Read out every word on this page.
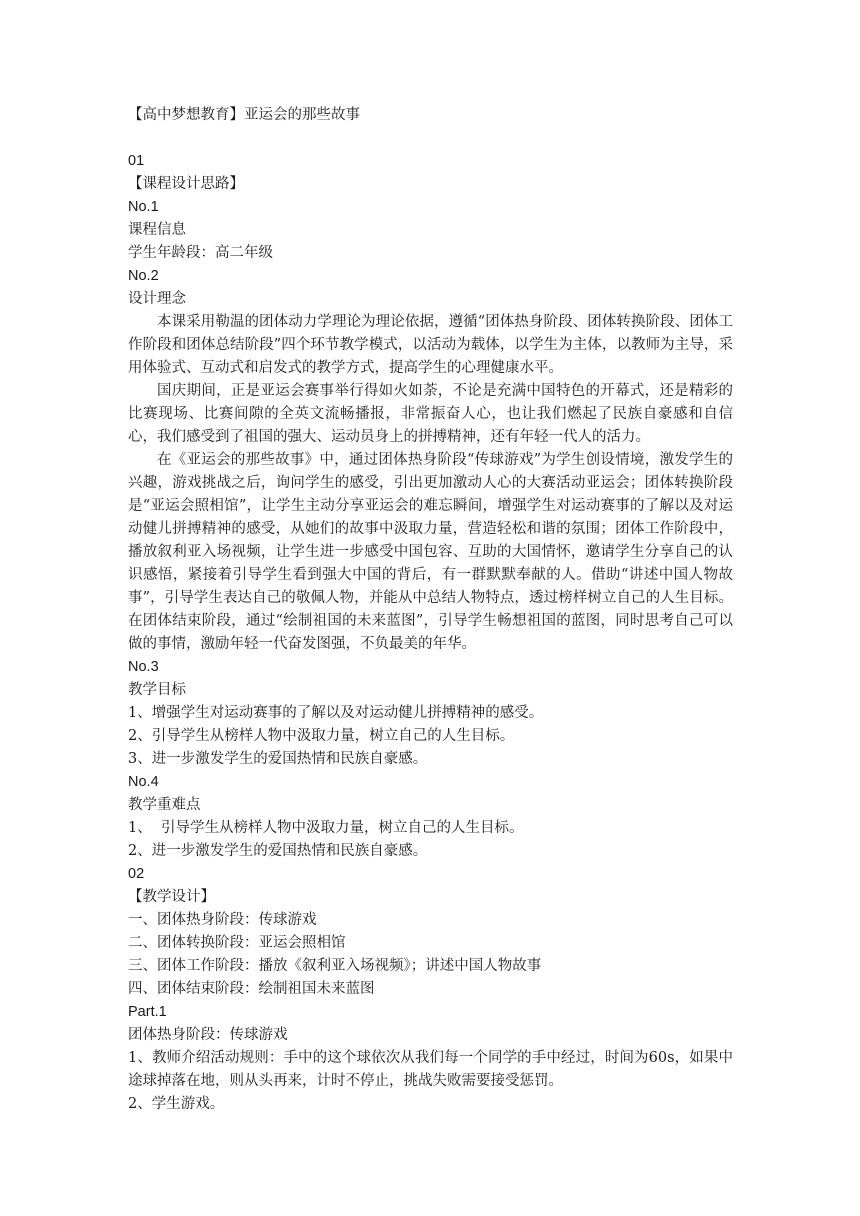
【高中梦想教育】亚运会的那些故事
01
【课程设计思路】
No.1
课程信息
学生年龄段：高二年级
No.2
设计理念

本课采用勒温的团体动力学理论为理论依据，遵循“团体热身阶段、团体转换阶段、团体工作阶段和团体总结阶段”四个环节教学模式，以活动为载体，以学生为主体，以教师为主导，采用体验式、互动式和启发式的教学方式，提高学生的心理健康水平。

国庆期间，正是亚运会赛事举行得如火如荼，不论是充满中国特色的开幕式，还是精彩的比赛现场、比赛间隙的全英文流畅播报，非常振奋人心，也让我们燃起了民族自豪感和自信心，我们感受到了祖国的强大、运动员身上的拼搏精神，还有年轻一代人的活力。

在《亚运会的那些故事》中，通过团体热身阶段“传球游戏”为学生创设情境，激发学生的兴趣，游戏挑战之后，询问学生的感受，引出更加激动人心的大赛活动亚运会；团体转换阶段是“亚运会照相馆”，让学生主动分享亚运会的难忘瞬间，增强学生对运动赛事的了解以及对运动健儿拼搏精神的感受，从她们的故事中汲取力量，营造轻松和谐的氛围；团体工作阶段中，播放叙利亚入场视频，让学生进一步感受中国包容、互助的大国情怀，邀请学生分享自己的认识感悟，紧接着引导学生看到强大中国的背后，有一群默默奉献的人。借助“讲述中国人物故事”，引导学生表达自己的敬佩人物，并能从中总结人物特点，透过榜样树立自己的人生目标。在团体结束阶段，通过“绘制祖国的未来蓝图”，引导学生畅想祖国的蓝图，同时思考自己可以做的事情，激励年轻一代奋发图强，不负最美的年华。

No.3
教学目标
1、增强学生对运动赛事的了解以及对运动健儿拼搏精神的感受。
2、引导学生从榜样人物中汲取力量，树立自己的人生目标。
3、进一步激发学生的爱国热情和民族自豪感。
No.4
教学重难点
1、  引导学生从榜样人物中汲取力量，树立自己的人生目标。
2、进一步激发学生的爱国热情和民族自豪感。
02
【教学设计】
一、团体热身阶段：传球游戏
二、团体转换阶段：亚运会照相馆
三、团体工作阶段：播放《叙利亚入场视频》；讲述中国人物故事
四、团体结束阶段：绘制祖国未来蓝图
Part.1
团体热身阶段：传球游戏

1、教师介绍活动规则：手中的这个球依次从我们每一个同学的手中经过，时间为60s，如果中途球掉落在地，则从头再来，计时不停止，挑战失败需要接受惩罚。

2、学生游戏。
